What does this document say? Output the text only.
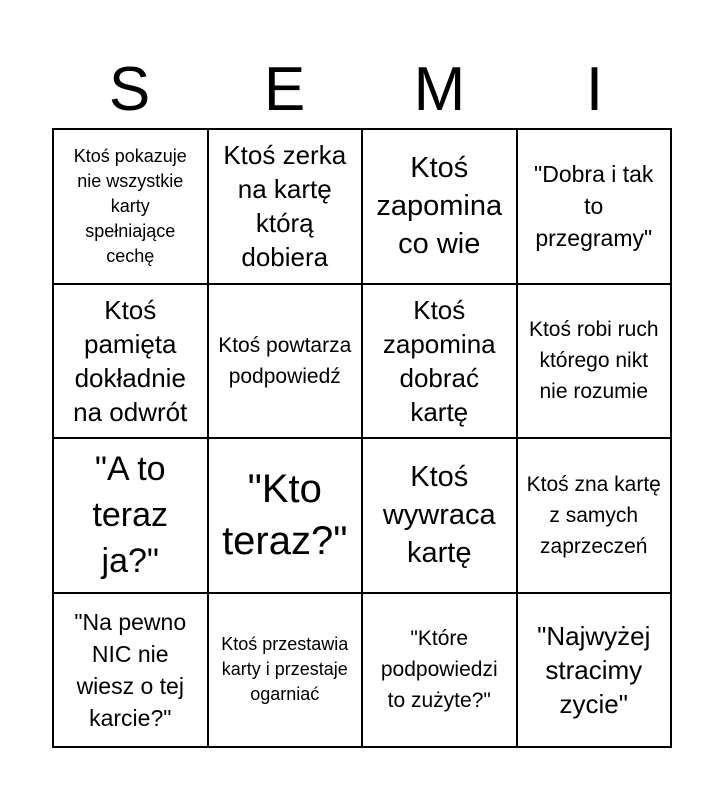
S	E	M	I
Ktoś pokazuje nie wszystkie karty spełniające cechę
Ktoś zerka na kartę którą dobiera
Ktoś zapomina co wie
"Dobra i tak to przegramy"
Ktoś pamięta dokładnie na odwrót
Ktoś powtarza podpowiedź
Ktoś zapomina dobrać kartę
Ktoś robi ruch którego nikt nie rozumie
"A to teraz ja?"
"Kto teraz?"
Ktoś wywraca kartę
Ktoś zna kartę z samych zaprzeczeń
"Na pewno NIC nie wiesz o tej karcie?"
Ktoś przestawia karty i przestaje ogarniać
"Które podpowiedzi to zużyte?"
"Najwyżej stracimy zycie"
